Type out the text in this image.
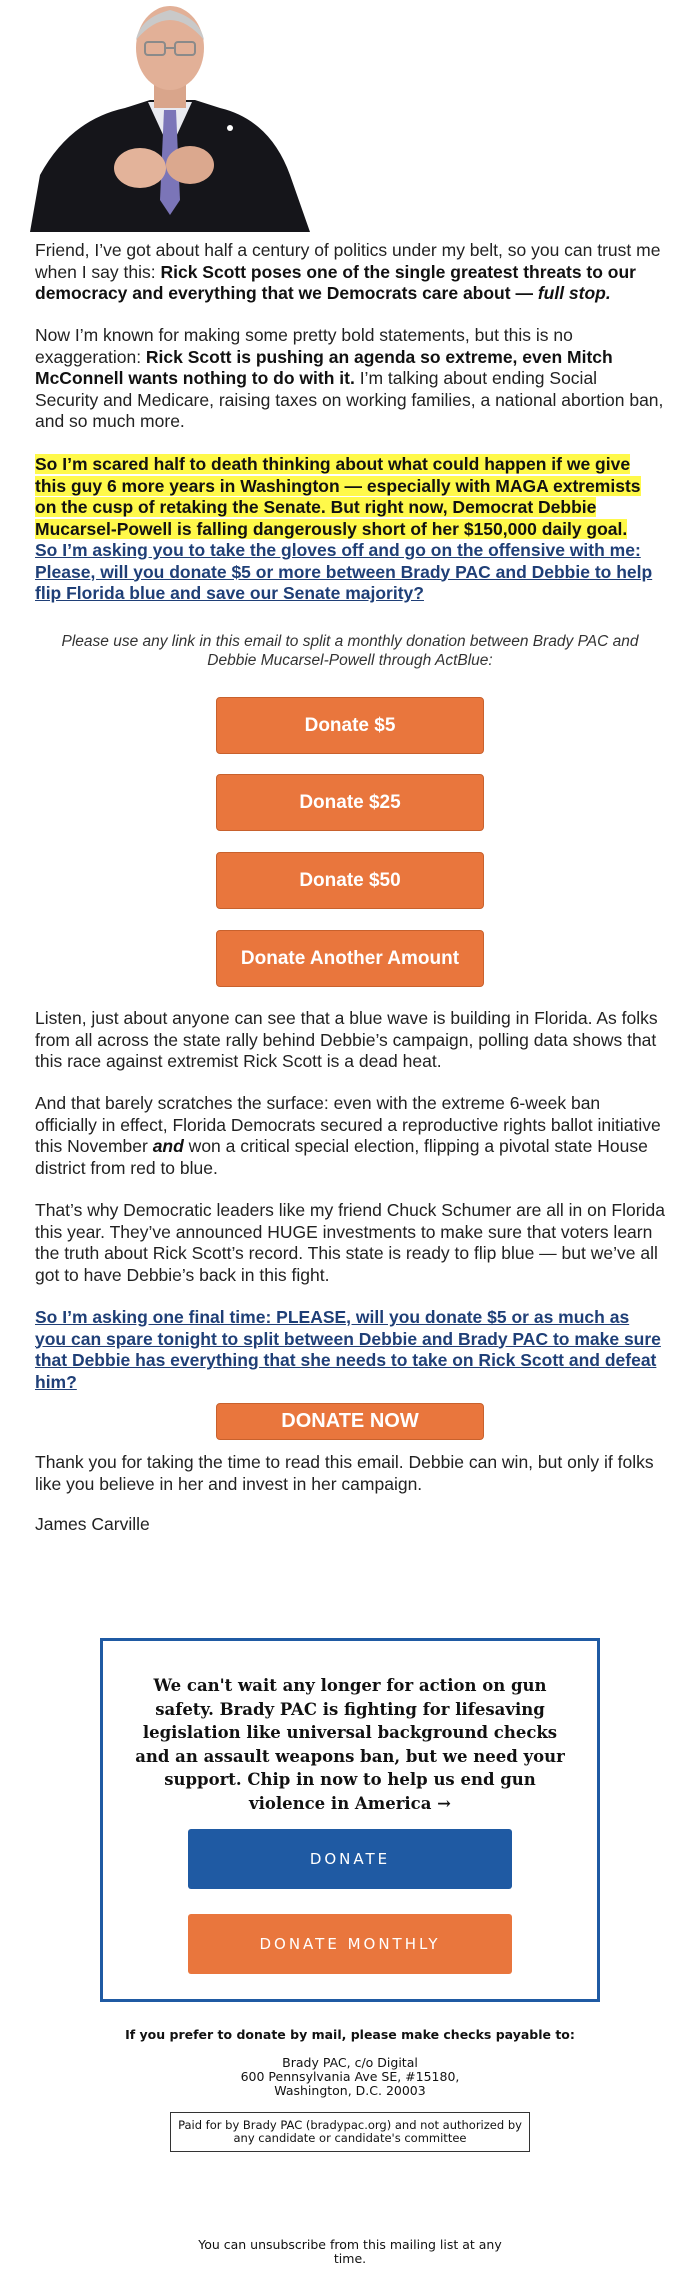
Friend, I’ve got about half a century of politics under my belt, so you can trust me when I say this: Rick Scott poses one of the single greatest threats to our democracy and everything that we Democrats care about — full stop.

Now I’m known for making some pretty bold statements, but this is no exaggeration: Rick Scott is pushing an agenda so extreme, even Mitch McConnell wants nothing to do with it. I’m talking about ending Social Security and Medicare, raising taxes on working families, a national abortion ban, and so much more.

So I’m scared half to death thinking about what could happen if we give this guy 6 more years in Washington — especially with MAGA extremists on the cusp of retaking the Senate. But right now, Democrat Debbie Mucarsel-Powell is falling dangerously short of her $150,000 daily goal.
So I’m asking you to take the gloves off and go on the offensive with me: Please, will you donate $5 or more between Brady PAC and Debbie to help flip Florida blue and save our Senate majority?

Please use any link in this email to split a monthly donation between Brady PAC and Debbie Mucarsel-Powell through ActBlue:

Donate $5
Donate $25
Donate $50
Donate Another Amount

Listen, just about anyone can see that a blue wave is building in Florida. As folks from all across the state rally behind Debbie’s campaign, polling data shows that this race against extremist Rick Scott is a dead heat.

And that barely scratches the surface: even with the extreme 6-week ban officially in effect, Florida Democrats secured a reproductive rights ballot initiative this November and won a critical special election, flipping a pivotal state House district from red to blue.

That’s why Democratic leaders like my friend Chuck Schumer are all in on Florida this year. They’ve announced HUGE investments to make sure that voters learn the truth about Rick Scott’s record. This state is ready to flip blue — but we’ve all got to have Debbie’s back in this fight.

So I’m asking one final time: PLEASE, will you donate $5 or as much as you can spare tonight to split between Debbie and Brady PAC to make sure that Debbie has everything that she needs to take on Rick Scott and defeat him?

DONATE NOW

Thank you for taking the time to read this email. Debbie can win, but only if folks like you believe in her and invest in her campaign.

James Carville

We can't wait any longer for action on gun safety. Brady PAC is fighting for lifesaving legislation like universal background checks and an assault weapons ban, but we need your support. Chip in now to help us end gun violence in America →

DONATE
DONATE MONTHLY

If you prefer to donate by mail, please make checks payable to:

Brady PAC, c/o Digital

600 Pennsylvania Ave SE, #15180,

Washington, D.C. 20003

Paid for by Brady PAC (bradypac.org) and not authorized by any candidate or candidate's committee
You can unsubscribe from this mailing list at any time.
